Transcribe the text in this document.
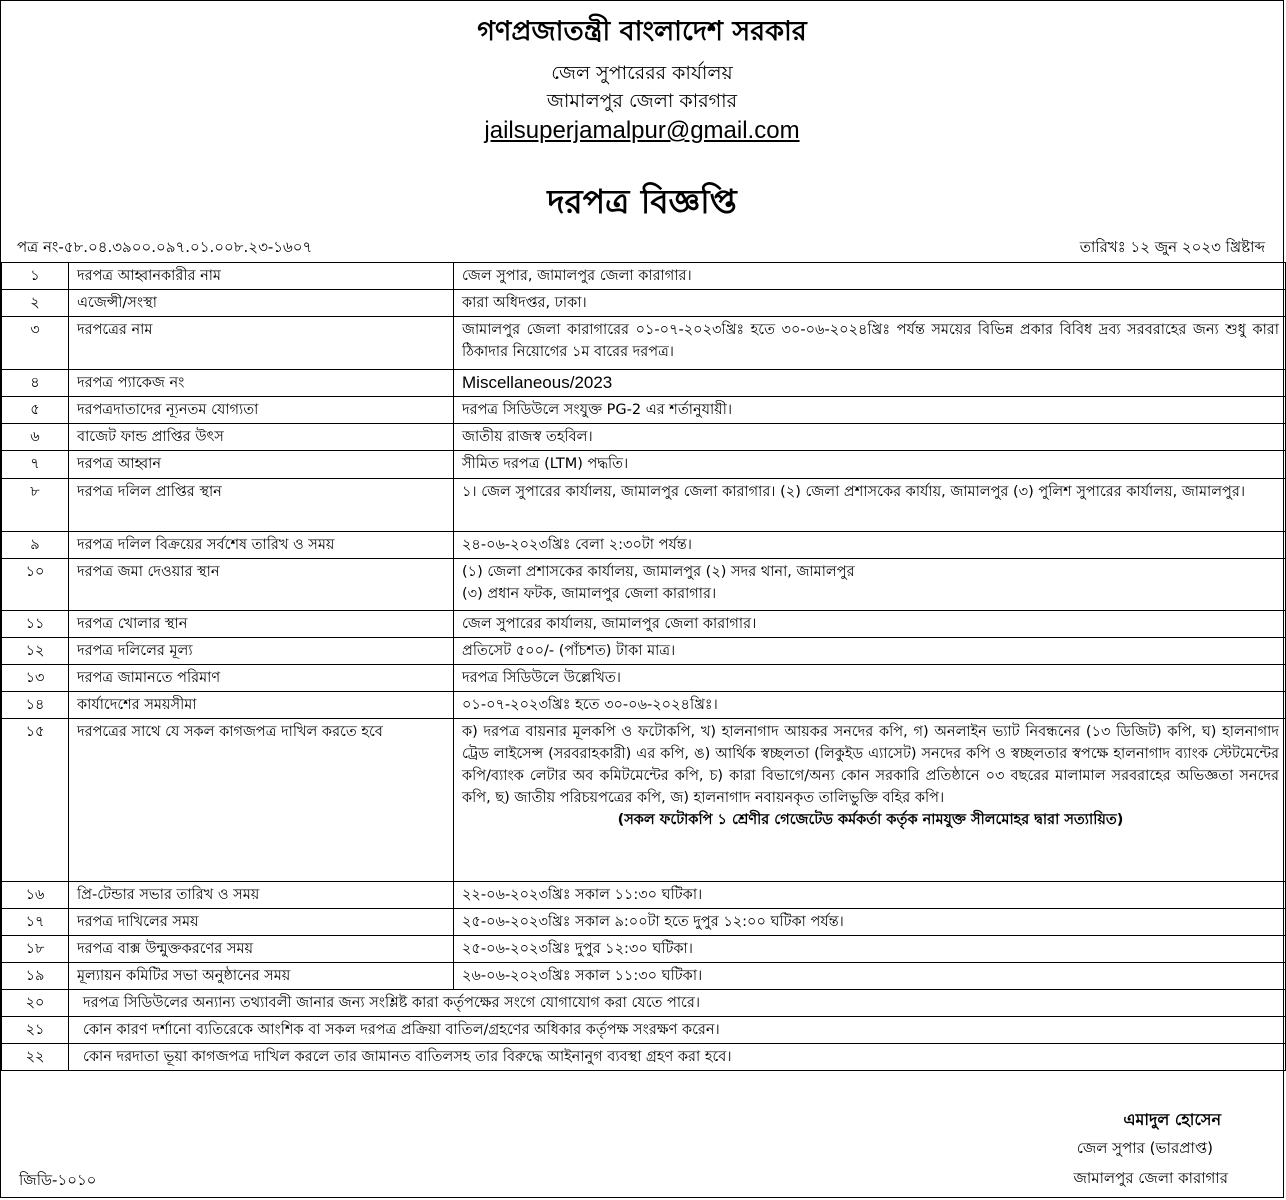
গণপ্রজাতন্ত্রী বাংলাদেশ সরকার
জেল সুপারেরর কার্যালয়
জামালপুর জেলা কারগার
jailsuperjamalpur@gmail.com
দরপত্র বিজ্ঞপ্তি
পত্র নং-৫৮.০৪.৩৯০০.০৯৭.০১.০০৮.২৩-১৬০৭	তারিখঃ ১২ জুন ২০২৩ খ্রিষ্টাব্দ
১	দরপত্র আহ্বানকারীর নাম	জেল সুপার, জামালপুর জেলা কারাগার।
২	এজেন্সী/সংস্থা	কারা অধিদপ্তর, ঢাকা।
৩	দরপত্রের নাম	জামালপুর জেলা কারাগারের ০১-০৭-২০২৩খ্রিঃ হতে ৩০-০৬-২০২৪খ্রিঃ পর্যন্ত সময়ের বিভিন্ন প্রকার বিবিধ দ্রব্য সরবরাহের জন্য শুধু কারা ঠিকাদার নিয়োগের ১ম বারের দরপত্র।
৪	দরপত্র প্যাকেজ নং	Miscellaneous/2023
৫	দরপত্রদাতাদের ন্যূনতম যোগ্যতা	দরপত্র সিডিউলে সংযুক্ত PG-2 এর শর্তানুযায়ী।
৬	বাজেট ফান্ড প্রাপ্তির উৎস	জাতীয় রাজস্ব তহবিল।
৭	দরপত্র আহ্বান	সীমিত দরপত্র (LTM) পদ্ধতি।
৮	দরপত্র দলিল প্রাপ্তির স্থান	১। জেল সুপারের কার্যালয়, জামালপুর জেলা কারাগার। (২) জেলা প্রশাসকের কার্যায়, জামালপুর (৩) পুলিশ সুপারের কার্যালয়, জামালপুর।
৯	দরপত্র দলিল বিক্রয়ের সর্বশেষ তারিখ ও সময়	২৪-০৬-২০২৩খ্রিঃ বেলা ২:৩০টা পর্যন্ত।
১০	দরপত্র জমা দেওয়ার স্থান	(১) জেলা প্রশাসকের কার্যালয়, জামালপুর (২) সদর থানা, জামালপুর
(৩) প্রধান ফটক, জামালপুর জেলা কারাগার।

১১	দরপত্র খোলার স্থান	জেল সুপারের কার্যালয়, জামালপুর জেলা কারাগার।
১২	দরপত্র দলিলের মূল্য	প্রতিসেট ৫০০/- (পাঁচশত) টাকা মাত্র।
১৩	দরপত্র জামানতে পরিমাণ	দরপত্র সিডিউলে উল্লেখিত।
১৪	কার্যাদেশের সময়সীমা	০১-০৭-২০২৩খ্রিঃ হতে ৩০-০৬-২০২৪খ্রিঃ।
১৫	দরপত্রের সাথে যে সকল কাগজপত্র দাখিল করতে হবে	ক) দরপত্র বায়নার মূলকপি ও ফটোকপি, খ) হালনাগাদ আয়কর সনদের কপি, গ) অনলাইন ভ্যাট নিবন্ধনের (১৩ ডিজিট) কপি, ঘ) হালনাগাদ ট্রেড লাইসেন্স (সরবরাহকারী) এর কপি, ঙ) আর্থিক স্বচ্ছলতা (লিকুইড এ্যাসেট) সনদের কপি ও স্বচ্ছলতার স্বপক্ষে হালনাগাদ ব্যাংক স্টেটমেন্টের কপি/ব্যাংক লেটার অব কমিটমেন্টের কপি, চ) কারা বিভাগে/অন্য কোন সরকারি প্রতিষ্ঠানে ০৩ বছরের মালামাল সরবরাহের অভিজ্ঞতা সনদের কপি, ছ) জাতীয় পরিচয়পত্রের কপি, জ) হালনাগাদ নবায়নকৃত তালিভুক্তি বহির কপি।
(সকল ফটোকপি ১ শ্রেণীর গেজেটেড কর্মকর্তা কর্তৃক নামযুক্ত সীলমোহর দ্বারা সত্যায়িত)

১৬	প্রি-টেন্ডার সভার তারিখ ও সময়	২২-০৬-২০২৩খ্রিঃ সকাল ১১:৩০ ঘটিকা।
১৭	দরপত্র দাখিলের সময়	২৫-০৬-২০২৩খ্রিঃ সকাল ৯:০০টা হতে দুপুর ১২:০০ ঘটিকা পর্যন্ত।
১৮	দরপত্র বাক্স উন্মুক্তকরণের সময়	২৫-০৬-২০২৩খ্রিঃ দুপুর ১২:৩০ ঘটিকা।
১৯	মূল্যায়ন কমিটির সভা অনুষ্ঠানের সময়	২৬-০৬-২০২৩খ্রিঃ সকাল ১১:৩০ ঘটিকা।
২০	দরপত্র সিডিউলের অন্যান্য তথ্যাবলী জানার জন্য সংশ্লিষ্ট কারা কর্তৃপক্ষের সংগে যোগাযোগ করা যেতে পারে।	
২১	কোন কারণ দর্শানো ব্যতিরেকে আংশিক বা সকল দরপত্র প্রক্রিয়া বাতিল/গ্রহণের অধিকার কর্তৃপক্ষ সংরক্ষণ করেন।	
২২	কোন দরদাতা ভূয়া কাগজপত্র দাখিল করলে তার জামানত বাতিলসহ তার বিরুদ্ধে আইনানুগ ব্যবস্থা গ্রহণ করা হবে।	
এমাদুল হোসেন
জেল সুপার (ভারপ্রাপ্ত)
জামালপুর জেলা কারাগার
জিডি-১০১০
